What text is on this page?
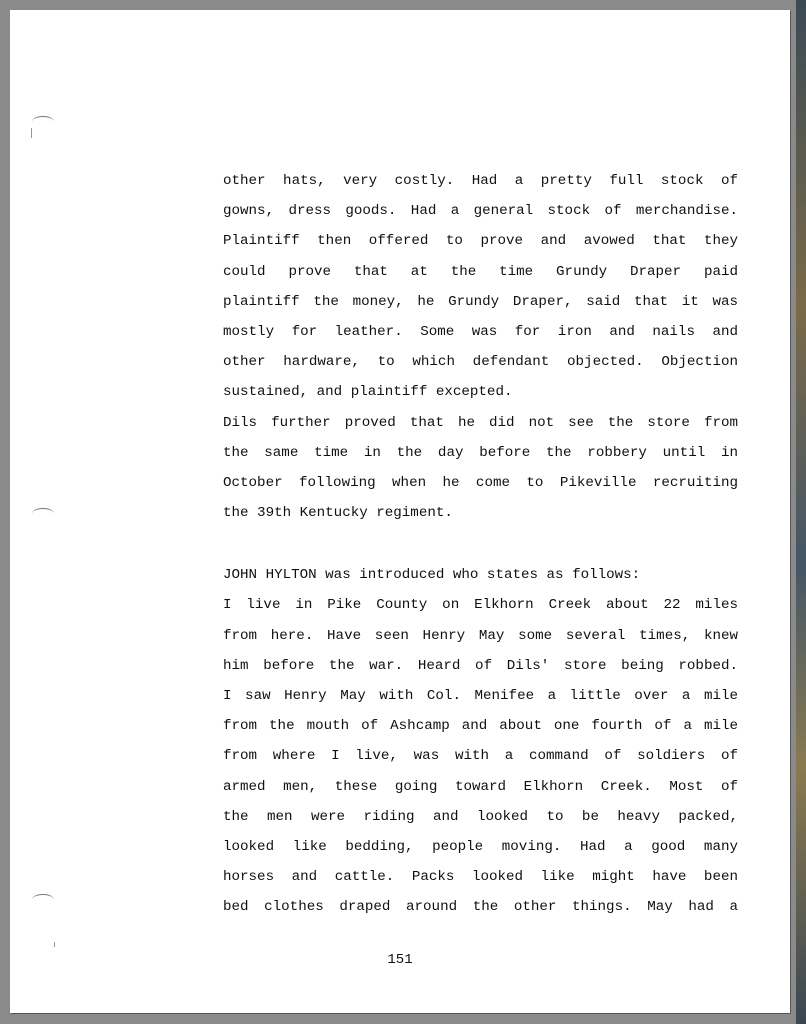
other hats, very costly. Had a pretty full stock of
gowns, dress goods. Had a general stock of merchandise.
Plaintiff then offered to prove and avowed that they
could prove that at the time Grundy Draper paid
plaintiff the money, he Grundy Draper, said that it was
mostly for leather. Some was for iron and nails and
other hardware, to which defendant objected. Objection
sustained, and plaintiff excepted.
Dils further proved that he did not see the store from
the same time in the day before the robbery until in
October following when he come to Pikeville recruiting
the 39th Kentucky regiment.
JOHN HYLTON was introduced who states as follows:
I live in Pike County on Elkhorn Creek about 22 miles
from here. Have seen Henry May some several times, knew
him before the war. Heard of Dils' store being robbed.
I saw Henry May with Col. Menifee a little over a mile
from the mouth of Ashcamp and about one fourth of a mile
from where I live, was with a command of soldiers of
armed men, these going toward Elkhorn Creek. Most of
the men were riding and looked to be heavy packed,
looked like bedding, people moving. Had a good many
horses and cattle. Packs looked like might have been
bed clothes draped around the other things. May had a
151
